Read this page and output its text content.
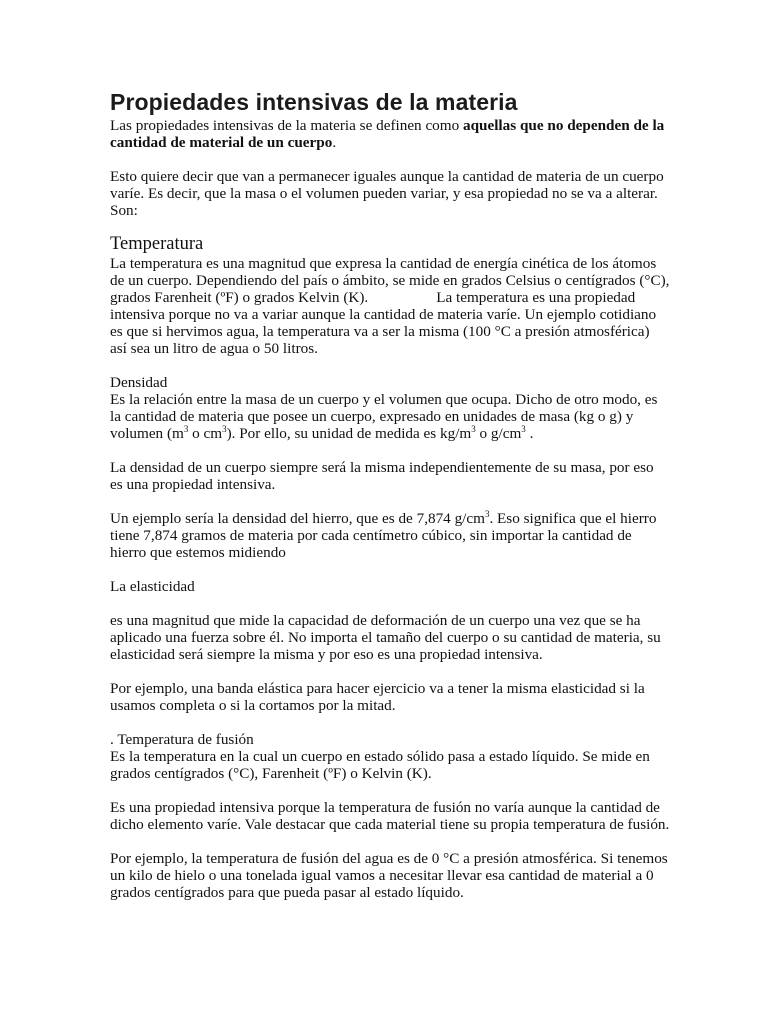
Propiedades intensivas de la materia

Las propiedades intensivas de la materia se definen como aquellas que no dependen de la cantidad de material de un cuerpo.

Esto quiere decir que van a permanecer iguales aunque la cantidad de materia de un cuerpo varíe. Es decir, que la masa o el volumen pueden variar, y esa propiedad no se va a alterar. Son:

Temperatura

La temperatura es una magnitud que expresa la cantidad de energía cinética de los átomos de un cuerpo. Dependiendo del país o ámbito, se mide en grados Celsius o centígrados (°C), grados Farenheit (ºF) o grados Kelvin (K).	La temperatura es una propiedad intensiva porque no va a variar aunque la cantidad de materia varíe. Un ejemplo cotidiano es que si hervimos agua, la temperatura va a ser la misma (100 °C a presión atmosférica) así sea un litro de agua o 50 litros.

Densidad

Es la relación entre la masa de un cuerpo y el volumen que ocupa. Dicho de otro modo, es la cantidad de materia que posee un cuerpo, expresado en unidades de masa (kg o g) y volumen ($m^3$ o $cm^3$). Por ello, su unidad de medida es $kg/m^3$ o $g/cm^3$ .

La densidad de un cuerpo siempre será la misma independientemente de su masa, por eso es una propiedad intensiva.

Un ejemplo sería la densidad del hierro, que es de 7,874 $g/cm^3$. Eso significa que el hierro tiene 7,874 gramos de materia por cada centímetro cúbico, sin importar la cantidad de hierro que estemos midiendo

La elasticidad

es una magnitud que mide la capacidad de deformación de un cuerpo una vez que se ha aplicado una fuerza sobre él. No importa el tamaño del cuerpo o su cantidad de materia, su elasticidad será siempre la misma y por eso es una propiedad intensiva.

Por ejemplo, una banda elástica para hacer ejercicio va a tener la misma elasticidad si la usamos completa o si la cortamos por la mitad.

. Temperatura de fusión

Es la temperatura en la cual un cuerpo en estado sólido pasa a estado líquido. Se mide en grados centígrados (°C), Farenheit (ºF) o Kelvin (K).

Es una propiedad intensiva porque la temperatura de fusión no varía aunque la cantidad de dicho elemento varíe. Vale destacar que cada material tiene su propia temperatura de fusión.

Por ejemplo, la temperatura de fusión del agua es de 0 °C a presión atmosférica. Si tenemos un kilo de hielo o una tonelada igual vamos a necesitar llevar esa cantidad de material a 0 grados centígrados para que pueda pasar al estado líquido.
